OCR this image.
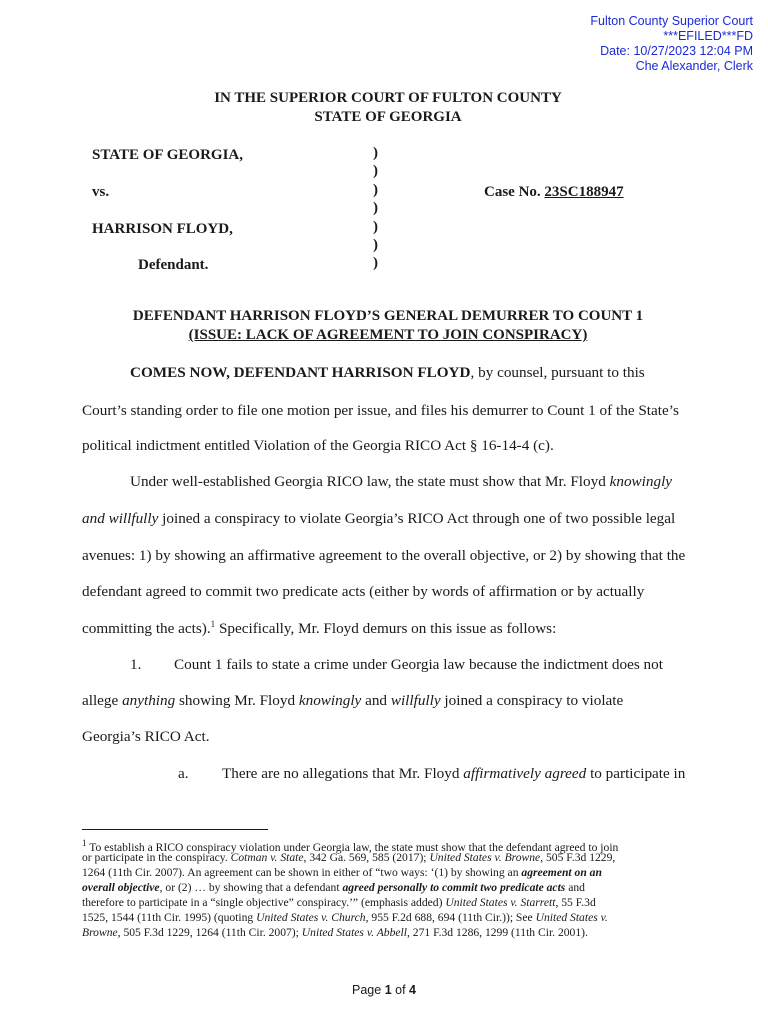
Fulton County Superior Court
***EFILED***FD
Date: 10/27/2023 12:04 PM
Che Alexander, Clerk
IN THE SUPERIOR COURT OF FULTON COUNTY
STATE OF GEORGIA
STATE OF GEORGIA,
vs.
HARRISON FLOYD,
Defendant.
)
)
)
)
)
)
)
Case No. 23SC188947
DEFENDANT HARRISON FLOYD’S GENERAL DEMURRER TO COUNT 1
(ISSUE: LACK OF AGREEMENT TO JOIN CONSPIRACY)
COMES NOW, DEFENDANT HARRISON FLOYD, by counsel, pursuant to this
Court’s standing order to file one motion per issue, and files his demurrer to Count 1 of the State’s
political indictment entitled Violation of the Georgia RICO Act § 16-14-4 (c).
Under well-established Georgia RICO law, the state must show that Mr. Floyd knowingly
and willfully joined a conspiracy to violate Georgia’s RICO Act through one of two possible legal
avenues: 1) by showing an affirmative agreement to the overall objective, or 2) by showing that the
defendant agreed to commit two predicate acts (either by words of affirmation or by actually
committing the acts).$^1$ Specifically, Mr. Floyd demurs on this issue as follows:
1. Count 1 fails to state a crime under Georgia law because the indictment does not
allege anything showing Mr. Floyd knowingly and willfully joined a conspiracy to violate
Georgia’s RICO Act.
a. There are no allegations that Mr. Floyd affirmatively agreed to participate in
$^1$ To establish a RICO conspiracy violation under Georgia law, the state must show that the defendant agreed to join
or participate in the conspiracy. Cotman v. State, 342 Ga. 569, 585 (2017); United States v. Browne, 505 F.3d 1229,
1264 (11th Cir. 2007). An agreement can be shown in either of “two ways: ‘(1) by showing an agreement on an
overall objective, or (2) … by showing that a defendant agreed personally to commit two predicate acts and
therefore to participate in a “single objective” conspiracy.’” (emphasis added) United States v. Starrett, 55 F.3d
1525, 1544 (11th Cir. 1995) (quoting United States v. Church, 955 F.2d 688, 694 (11th Cir.)); See United States v.
Browne, 505 F.3d 1229, 1264 (11th Cir. 2007); United States v. Abbell, 271 F.3d 1286, 1299 (11th Cir. 2001).
Page 1 of 4
